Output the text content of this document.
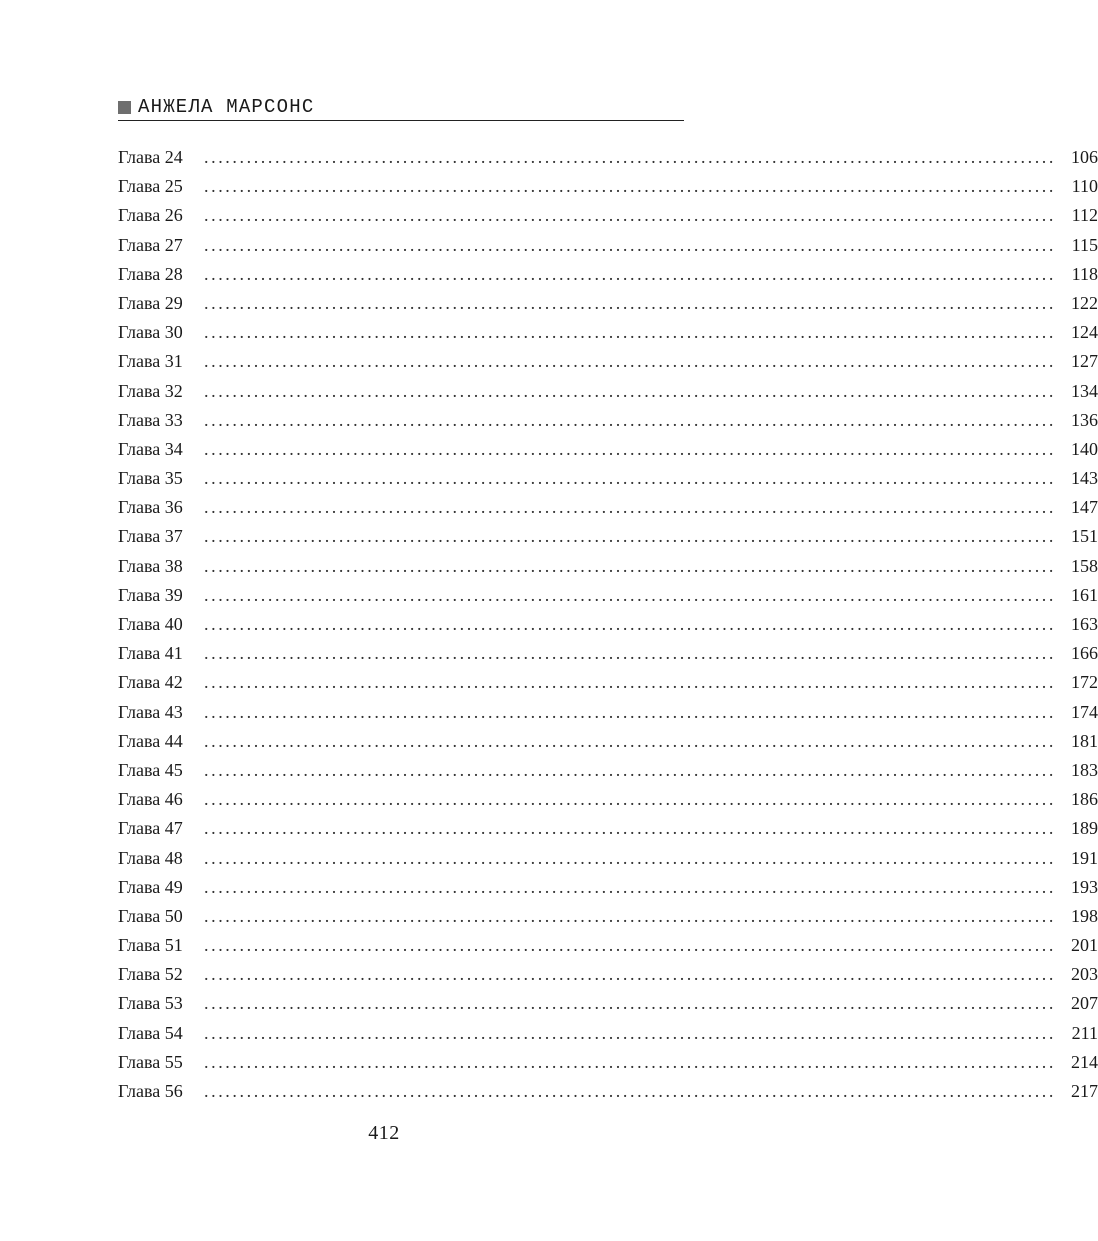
АНЖЕЛА МАРСОНС
Глава 24	........................................................................................................................ 106
Глава 25	........................................................................................................................ 110
Глава 26	........................................................................................................................ 112
Глава 27	........................................................................................................................ 115
Глава 28	........................................................................................................................ 118
Глава 29	........................................................................................................................ 122
Глава 30	........................................................................................................................ 124
Глава 31	........................................................................................................................ 127
Глава 32	........................................................................................................................ 134
Глава 33	........................................................................................................................ 136
Глава 34	........................................................................................................................ 140
Глава 35	........................................................................................................................ 143
Глава 36	........................................................................................................................ 147
Глава 37	........................................................................................................................ 151
Глава 38	........................................................................................................................ 158
Глава 39	........................................................................................................................ 161
Глава 40	........................................................................................................................ 163
Глава 41	........................................................................................................................ 166
Глава 42	........................................................................................................................ 172
Глава 43	........................................................................................................................ 174
Глава 44	........................................................................................................................ 181
Глава 45	........................................................................................................................ 183
Глава 46	........................................................................................................................ 186
Глава 47	........................................................................................................................ 189
Глава 48	........................................................................................................................ 191
Глава 49	........................................................................................................................ 193
Глава 50	........................................................................................................................ 198
Глава 51	........................................................................................................................ 201
Глава 52	........................................................................................................................ 203
Глава 53	........................................................................................................................ 207
Глава 54	........................................................................................................................ 211
Глава 55	........................................................................................................................ 214
Глава 56	........................................................................................................................ 217
412
